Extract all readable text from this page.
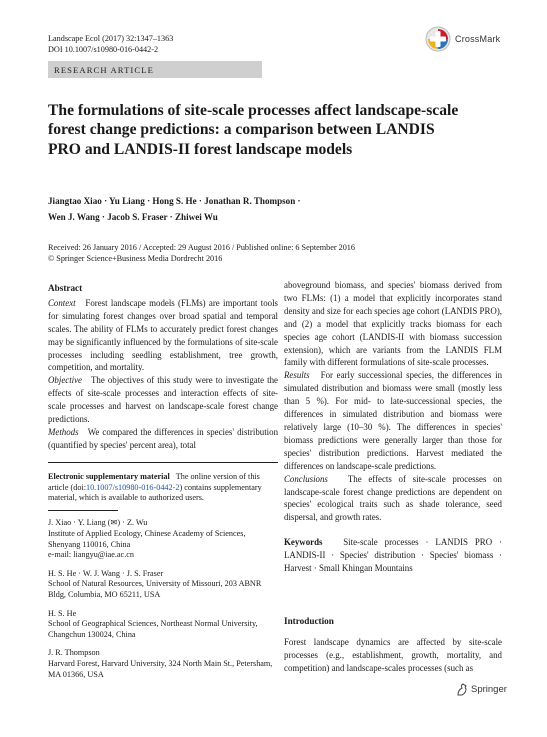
Landscape Ecol (2017) 32:1347–1363
DOI 10.1007/s10980-016-0442-2
CrossMark
RESEARCH ARTICLE
The formulations of site-scale processes affect landscape-scale forest change predictions: a comparison between LANDIS PRO and LANDIS-II forest landscape models
Jiangtao Xiao · Yu Liang · Hong S. He · Jonathan R. Thompson ·
Wen J. Wang · Jacob S. Fraser · Zhiwei Wu
Received: 26 January 2016 / Accepted: 29 August 2016 / Published online: 6 September 2016
© Springer Science+Business Media Dordrecht 2016
Abstract

Context Forest landscape models (FLMs) are important tools for simulating forest changes over broad spatial and temporal scales. The ability of FLMs to accurately predict forest changes may be significantly influenced by the formulations of site-scale processes including seedling establishment, tree growth, competition, and mortality.

Objective The objectives of this study were to investigate the effects of site-scale processes and interaction effects of site-scale processes and harvest on landscape-scale forest change predictions.

Methods We compared the differences in species' distribution (quantified by species' percent area), total

Electronic supplementary material The online version of this article (doi:10.1007/s10980-016-0442-2) contains supplementary material, which is available to authorized users.
J. Xiao · Y. Liang (✉) · Z. Wu
Institute of Applied Ecology, Chinese Academy of Sciences, Shenyang 110016, China
e-mail: liangyu@iae.ac.cn
H. S. He · W. J. Wang · J. S. Fraser
School of Natural Resources, University of Missouri, 203 ABNR Bldg, Columbia, MO 65211, USA
H. S. He
School of Geographical Sciences, Northeast Normal University, Changchun 130024, China
J. R. Thompson
Harvard Forest, Harvard University, 324 North Main St., Petersham, MA 01366, USA

aboveground biomass, and species' biomass derived from two FLMs: (1) a model that explicitly incorporates stand density and size for each species age cohort (LANDIS PRO), and (2) a model that explicitly tracks biomass for each species age cohort (LANDIS-II with biomass succession extension), which are variants from the LANDIS FLM family with different formulations of site-scale processes.

Results For early successional species, the differences in simulated distribution and biomass were small (mostly less than 5 %). For mid- to late-successional species, the differences in simulated distribution and biomass were relatively large (10–30 %). The differences in species' biomass predictions were generally larger than those for species' distribution predictions. Harvest mediated the differences on landscape-scale predictions.

Conclusions The effects of site-scale processes on landscape-scale forest change predictions are dependent on species' ecological traits such as shade tolerance, seed dispersal, and growth rates.

Keywords Site-scale processes · LANDIS PRO · LANDIS-II · Species' distribution · Species' biomass · Harvest · Small Khingan Mountains

Introduction

Forest landscape dynamics are affected by site-scale processes (e.g., establishment, growth, mortality, and competition) and landscape-scales processes (such as

Springer
